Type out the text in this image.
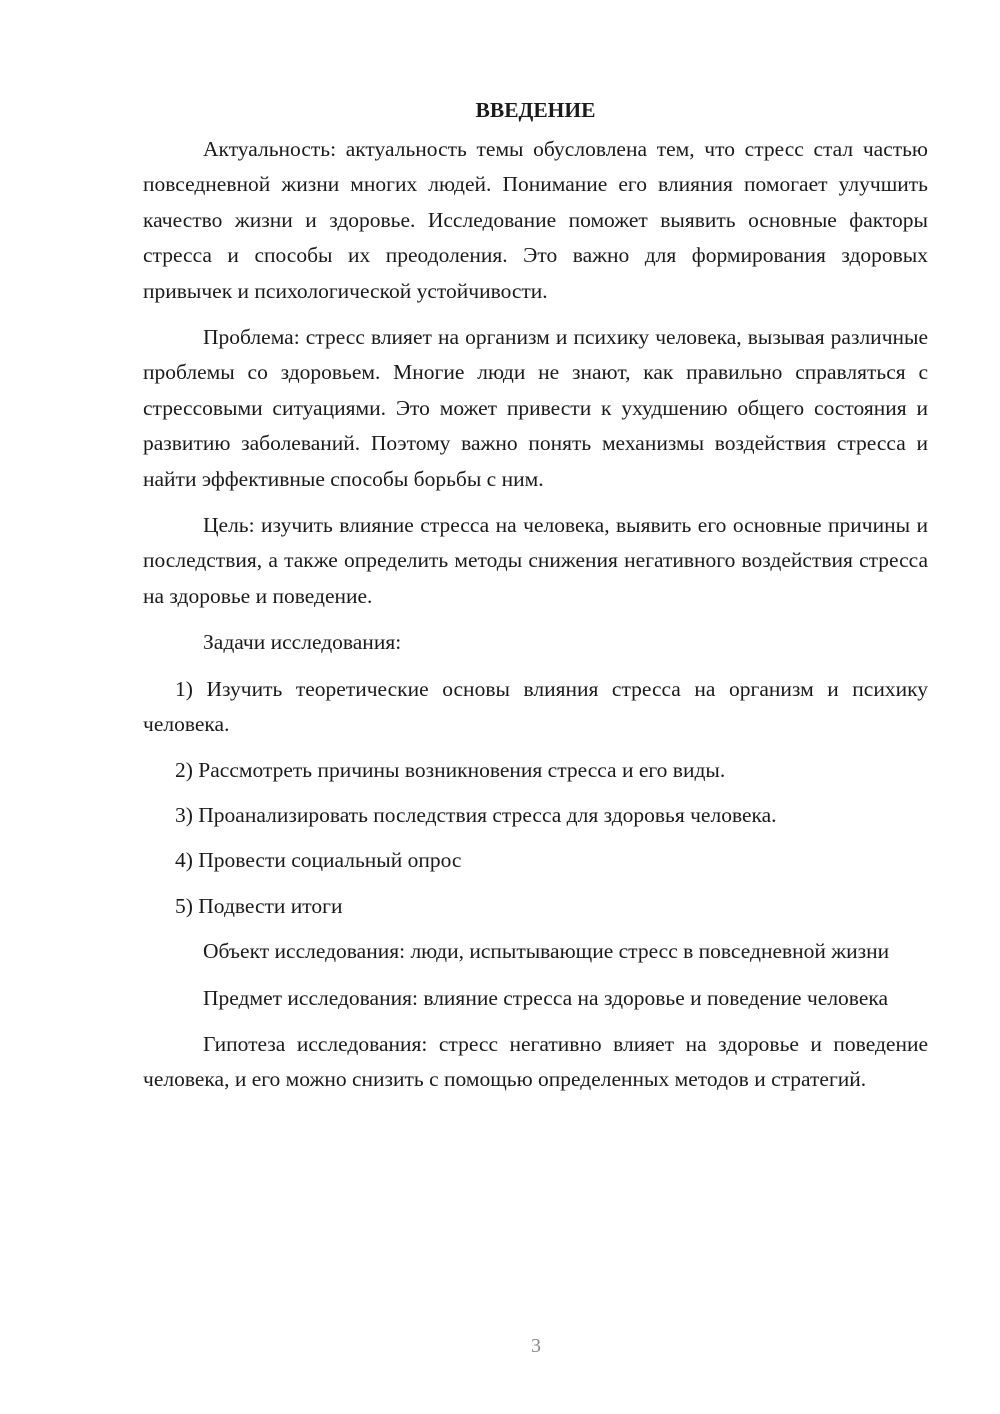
ВВЕДЕНИЕ

Актуальность: актуальность темы обусловлена тем, что стресс стал частью повседневной жизни многих людей. Понимание его влияния помогает улучшить качество жизни и здоровье. Исследование поможет выявить основные факторы стресса и способы их преодоления. Это важно для формирования здоровых привычек и психологической устойчивости.

Проблема: стресс влияет на организм и психику человека, вызывая различные проблемы со здоровьем. Многие люди не знают, как правильно справляться с стрессовыми ситуациями. Это может привести к ухудшению общего состояния и развитию заболеваний. Поэтому важно понять механизмы воздействия стресса и найти эффективные способы борьбы с ним.

Цель: изучить влияние стресса на человека, выявить его основные причины и последствия, а также определить методы снижения негативного воздействия стресса на здоровье и поведение.

Задачи исследования:

1) Изучить теоретические основы влияния стресса на организм и психику человека.

2) Рассмотреть причины возникновения стресса и его виды.

3) Проанализировать последствия стресса для здоровья человека.

4) Провести социальный опрос

5) Подвести итоги

Объект исследования: люди, испытывающие стресс в повседневной жизни

Предмет исследования: влияние стресса на здоровье и поведение человека

Гипотеза исследования: стресс негативно влияет на здоровье и поведение человека, и его можно снизить с помощью определенных методов и стратегий.

3
